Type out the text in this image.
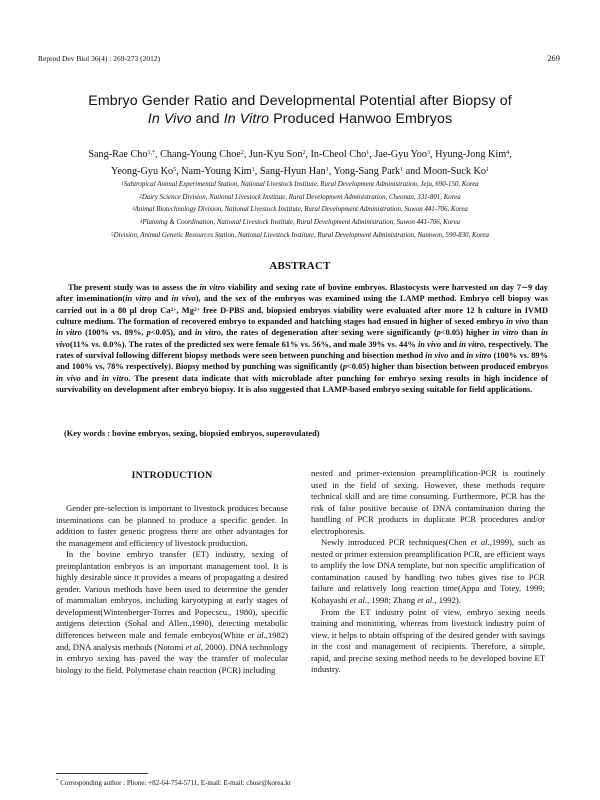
Reprod Dev Biol 36(4) : 269-273 (2012)	269
Embryo Gender Ratio and Developmental Potential after Biopsy of
In Vivo and In Vitro Produced Hanwoo Embryos
Sang-Rae Cho$^{1,*}$, Chang-Young Choe$^2$, Jun-Kyu Son$^2$, In-Cheol Cho$^1$, Jae-Gyu Yoo$^3$, Hyung-Jong Kim$^4$,
Yeong-Gyu Ko$^5$, Nam-Young Kim$^1$, Sang-Hyun Han$^1$, Yong-Sang Park$^1$ and Moon-Suck Ko$^1$
$^1$Subtropical Animal Experimental Station, National Livestock Institute, Rural Development Administration, Jeju, 690-150, Korea
$^2$Dairy Science Division, National Livestock Institute, Rural Development Administration, Cheonan, 331-801, Korea
$^3$Animal Biotechnology Division, National Livestock Institute, Rural Development Administration, Suwon 441-706, Korea
$^4$Planning & Coordination, National Livestock Institute, Rural Development Administration, Suwon 441-706, Korea
$^5$Division, Animal Genetic Resources Station, National Livestock Institute, Rural Development Administration, Namwon, 590-830, Korea
ABSTRACT
The present study was to assess the in vitro viability and sexing rate of bovine embryos. Blastocysts were harvested on day 7∼9 day after insemination(in vitro and in vivo), and the sex of the embryos was examined using the LAMP method. Embryo cell biopsy was carried out in a 80 μl drop $Ca^{2+}$, $Mg^{2+}$ free D-PBS and, biopsied embryos viability were evaluated after more 12 h culture in IVMD culture medium. The formation of recovered embryo to expanded and hatching stages had ensued in higher of sexed embryo in vivo than in vitro (100% vs. 89%, p<0.05), and in vitro, the rates of degeneration after sexing were significantly (p<0.05) higher in vitro than in vivo(11% vs. 0.0%). The rates of the predicted sex were female 61% vs. 56%, and male 39% vs. 44% in vivo and in vitro, respectively. The rates of survival following different biopsy methods were seen between punching and bisection method in vivo and in vitro (100% vs. 89% and 100% vs, 78% respectively). Biopsy method by punching was significantly (p<0.05) higher than bisection between produced embryos in vivo and in vitro. The present data indicate that with microblade after punching for embryo sexing results in high incidence of survivability on development after embryo biopsy. It is also suggested that LAMP-based embryo sexing suitable for field applications.
(Key words : bovine embryos, sexing, biopsied embryos, superovulated)
INTRODUCTION

Gender pre-selection is important to livestock produces because inseminations can be planned to produce a specific gender. In addition to faster genetic progress there are other advantages for the management and efficiency of livestock production.

In the bovine embryo transfer (ET) industry, sexing of preimplantation embryos is an important management tool. It is highly desirable since it provides a means of propagating a desired gender. Various methods have been used to determine the gender of mammalian embryos, including karyotyping at early stages of development(Wintenberger-Torres and Popecscu., 1980), specific antigens detection (Sohal and Allen.,1990), detecting metabolic differences between male and female embryos(White et al.,1982) and, DNA analysis methods (Notomi et al, 2000). DNA technology in embryo sexing has paved the way the transfer of molecular biology to the field. Polymerase chain reaction (PCR) including

nested and primer-extension preamplification-PCR is routinely used in the field of sexing. However, these methods require technical skill and are time consuming. Furthermore, PCR has the risk of false positive because of DNA contamination during the handling of PCR products in duplicate PCR procedures and/or electrophoresis.

Newly introduced PCR techniques(Chen et al.,1999), such as nested or primer extension preamplification PCR, are efficient ways to amplify the low DNA template, but non specific amplification of contamination caused by handling two tubes gives rise to PCR failure and relatively long reaction time(Appa and Totey, 1999; Kobayashi et al., 1998; Zhang et al., 1992).

From the ET industry point of view, embryo sexing needs training and monitoring, whereas from livestock industry point of view, it helps to obtain offspring of the desired gender with savings in the cost and management of recipients. Therefore, a simple, rapid, and precise sexing method needs to be developed bovine ET industry.

* Corresponding author : Phone: +82-64-754-5711, E-mail: E-mail: chosr@korea.kr
